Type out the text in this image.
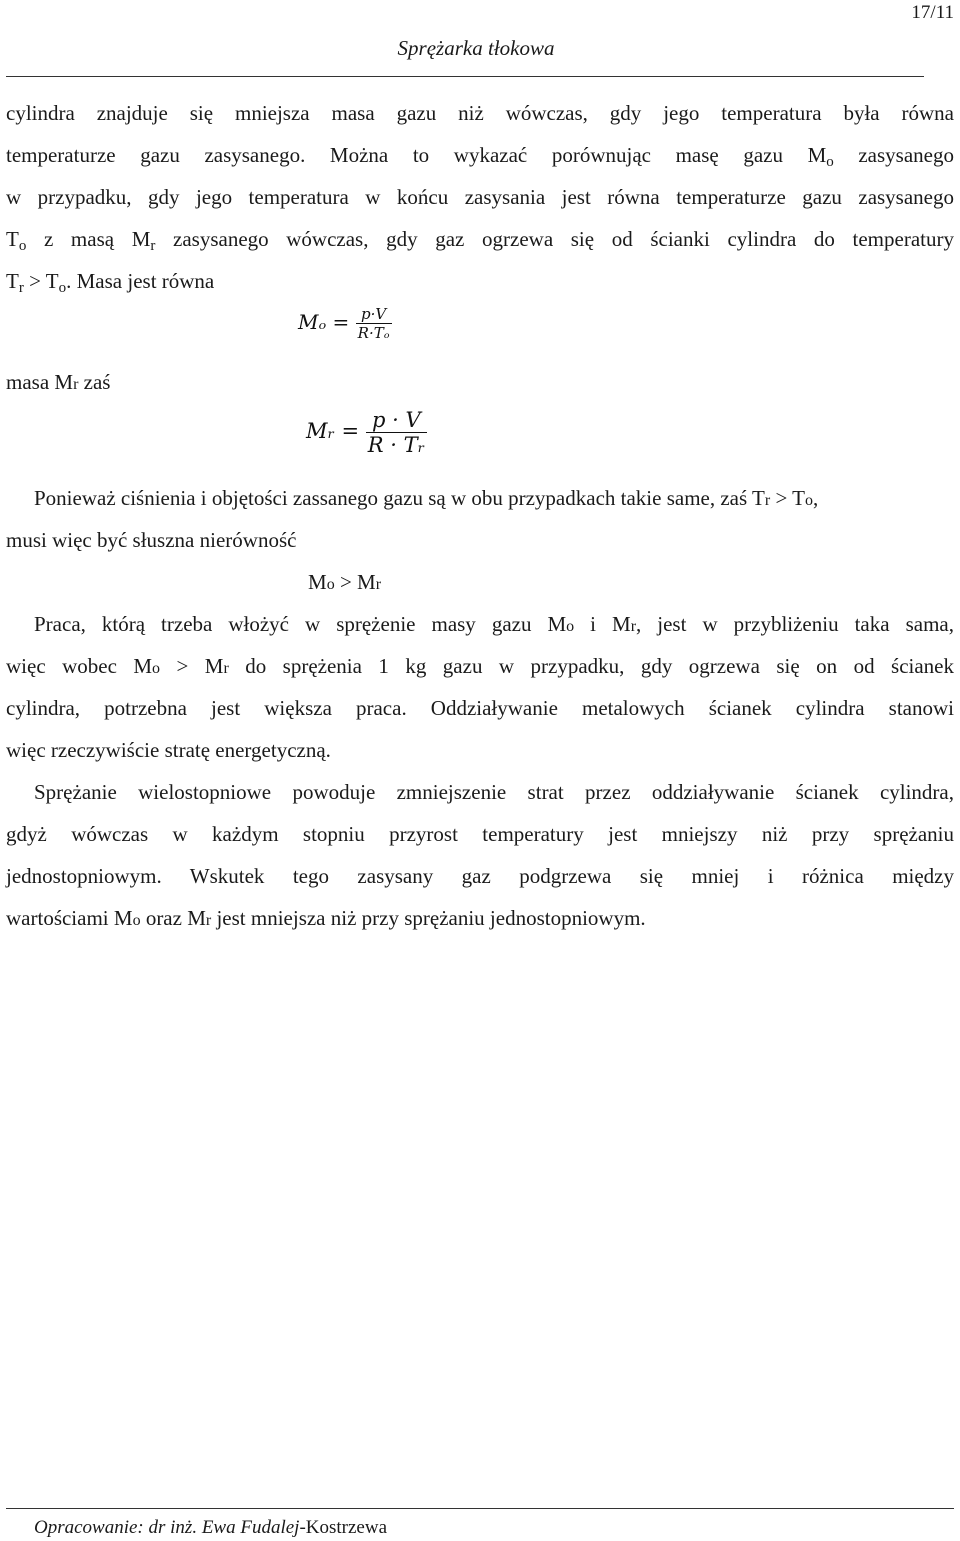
17/11
Sprężarka tłokowa
cylindra znajduje się mniejsza masa gazu niż wówczas, gdy jego temperatura była równa
temperaturze gazu zasysanego. Można to wykazać porównując masę gazu Mo zasysanego
w przypadku, gdy jego temperatura w końcu zasysania jest równa temperaturze gazu zasysanego
To z masą Mr zasysanego wówczas, gdy gaz ogrzewa się od ścianki cylindra do temperatury
Tr > To. Masa jest równa
$M_o = \frac{p\cdot V}{\text{R·Tₒ}}$
masa Mr zaś
Mᵣ = $\frac{p \cdot V}{\text{R · Tᵣ}}$
Ponieważ ciśnienia i objętości zassanego gazu są w obu przypadkach takie same, zaś Tr > To,
musi więc być słuszna nierówność
Mo > Mr
Praca, którą trzeba włożyć w sprężenie masy gazu Mo i Mr, jest w przybliżeniu taka sama,
więc wobec Mo > Mr do sprężenia 1 kg gazu w przypadku, gdy ogrzewa się on od ścianek
cylindra, potrzebna jest większa praca. Oddziaływanie metalowych ścianek cylindra stanowi
więc rzeczywiście stratę energetyczną.
Sprężanie wielostopniowe powoduje zmniejszenie strat przez oddziaływanie ścianek cylindra,
gdyż wówczas w każdym stopniu przyrost temperatury jest mniejszy niż przy sprężaniu
jednostopniowym. Wskutek tego zasysany gaz podgrzewa się mniej i różnica między
wartościami Mo oraz Mr jest mniejsza niż przy sprężaniu jednostopniowym.
Opracowanie: dr inż. Ewa Fudalej-Kostrzewa
